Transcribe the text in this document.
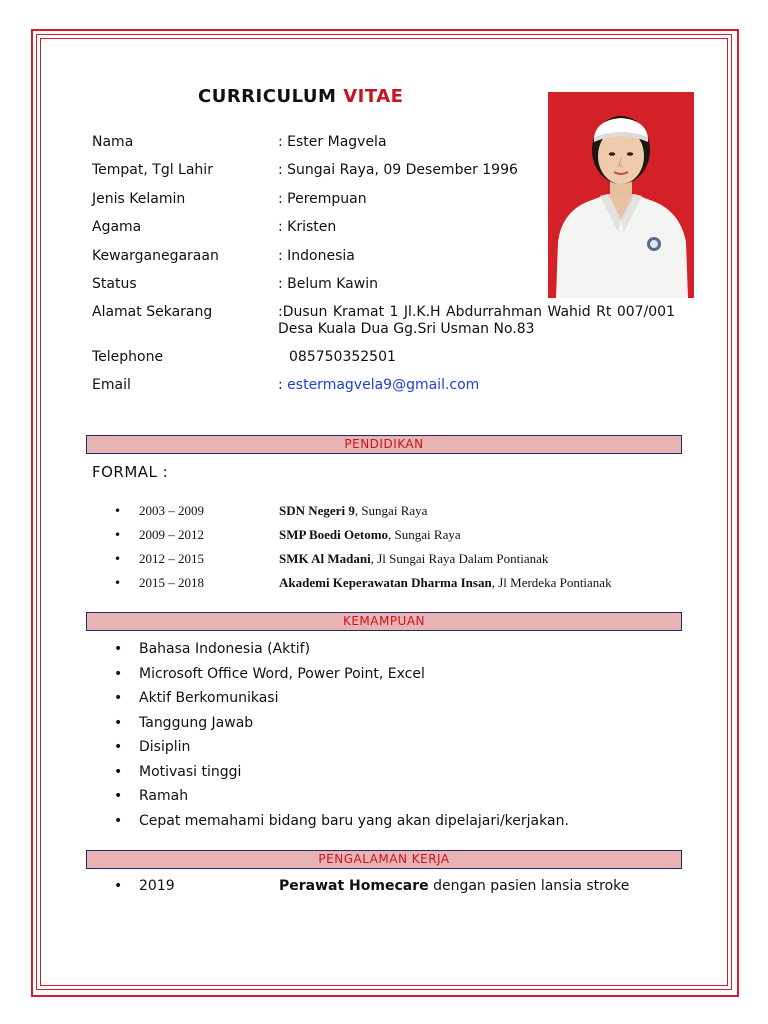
CURRICULUM VITAE
Nama	: Ester Magvela
Tempat, Tgl Lahir	: Sungai Raya, 09 Desember 1996
Jenis Kelamin	: Perempuan
Agama	: Kristen
Kewarganegaraan	: Indonesia
Status	: Belum Kawin
Alamat Sekarang	:Dusun Kramat 1 Jl.K.H Abdurrahman Wahid Rt 007/001 Desa Kuala Dua Gg.Sri Usman No.83
Telephone	085750352501
Email	: estermagvela9@gmail.com
PENDIDIKAN
FORMAL :
• 2003 – 2009	SDN Negeri 9, Sungai Raya
• 2009 – 2012	SMP Boedi Oetomo, Sungai Raya
• 2012 – 2015	SMK Al Madani, Jl Sungai Raya Dalam Pontianak
• 2015 – 2018	Akademi Keperawatan Dharma Insan, Jl Merdeka Pontianak
KEMAMPUAN
• Bahasa Indonesia (Aktif)
• Microsoft Office Word, Power Point, Excel
• Aktif Berkomunikasi
• Tanggung Jawab
• Disiplin
• Motivasi tinggi
• Ramah
• Cepat memahami bidang baru yang akan dipelajari/kerjakan.
PENGALAMAN KERJA
• 2019	Perawat Homecare dengan pasien lansia stroke
